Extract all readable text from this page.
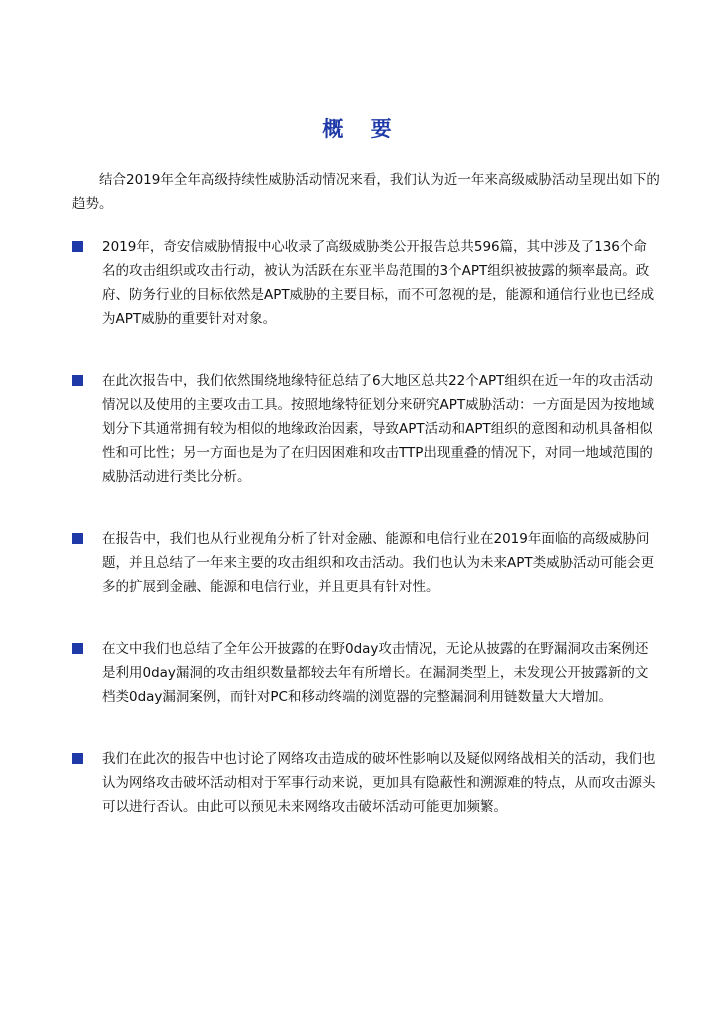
概 要

结合2019年全年高级持续性威胁活动情况来看，我们认为近一年来高级威胁活动呈现出如下的趋势。

2019年，奇安信威胁情报中心收录了高级威胁类公开报告总共596篇，其中涉及了136个命名的攻击组织或攻击行动，被认为活跃在东亚半岛范围的3个APT组织被披露的频率最高。政府、防务行业的目标依然是APT威胁的主要目标，而不可忽视的是，能源和通信行业也已经成为APT威胁的重要针对对象。
在此次报告中，我们依然围绕地缘特征总结了6大地区总共22个APT组织在近一年的攻击活动情况以及使用的主要攻击工具。按照地缘特征划分来研究APT威胁活动：一方面是因为按地域划分下其通常拥有较为相似的地缘政治因素，导致APT活动和APT组织的意图和动机具备相似性和可比性；另一方面也是为了在归因困难和攻击TTP出现重叠的情况下，对同一地域范围的威胁活动进行类比分析。
在报告中，我们也从行业视角分析了针对金融、能源和电信行业在2019年面临的高级威胁问题，并且总结了一年来主要的攻击组织和攻击活动。我们也认为未来APT类威胁活动可能会更多的扩展到金融、能源和电信行业，并且更具有针对性。
在文中我们也总结了全年公开披露的在野0day攻击情况，无论从披露的在野漏洞攻击案例还是利用0day漏洞的攻击组织数量都较去年有所增长。在漏洞类型上，未发现公开披露新的文档类0day漏洞案例，而针对PC和移动终端的浏览器的完整漏洞利用链数量大大增加。
我们在此次的报告中也讨论了网络攻击造成的破坏性影响以及疑似网络战相关的活动，我们也认为网络攻击破坏活动相对于军事行动来说，更加具有隐蔽性和溯源难的特点，从而攻击源头可以进行否认。由此可以预见未来网络攻击破坏活动可能更加频繁。
